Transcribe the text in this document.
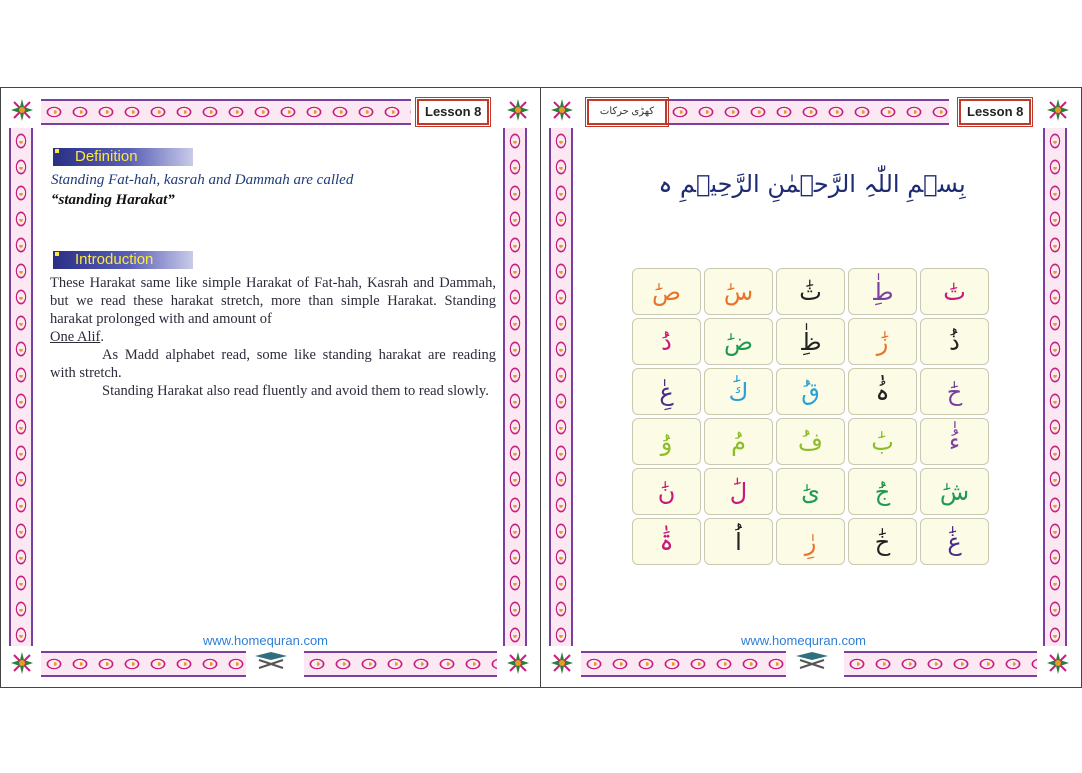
Lesson 8
Definition
Standing Fat-hah, kasrah and Dammah are called
“standing Harakat”
Introduction

These Harakat same like simple Harakat of Fat-hah, Kasrah and Dammah, but we read these harakat stretch, more than simple Harakat. Standing harakat prolonged with and amount of
One Alif.

As Madd alphabet read, some like standing harakat are reading with stretch.

Standing Harakat also read fluently and avoid them to read slowly.

www.homequran.com
کھڑی حرکات	Lesson 8
بِسۡمِ اللّٰہِ الرَّحۡمٰنِ الرَّحِیۡمِ ہ
صَٰ	سَٰ	ثَٰ	طِٰ	تَٰ
دُٰ	ضَٰ	ظِٰ	زَٰ	ذُٰ
عِٰ	كَٰ	قُٰ	ہُٰ	حَٰ
وُٰ	مُٰ	فُٰ	بَٰ	ءُٰ
نَٰ	لَٰ	یَٰ	جُٰ	شَٰ
ۃَٰ	اُٰ	رِٰ	خَٰ	غَٰ
www.homequran.com
